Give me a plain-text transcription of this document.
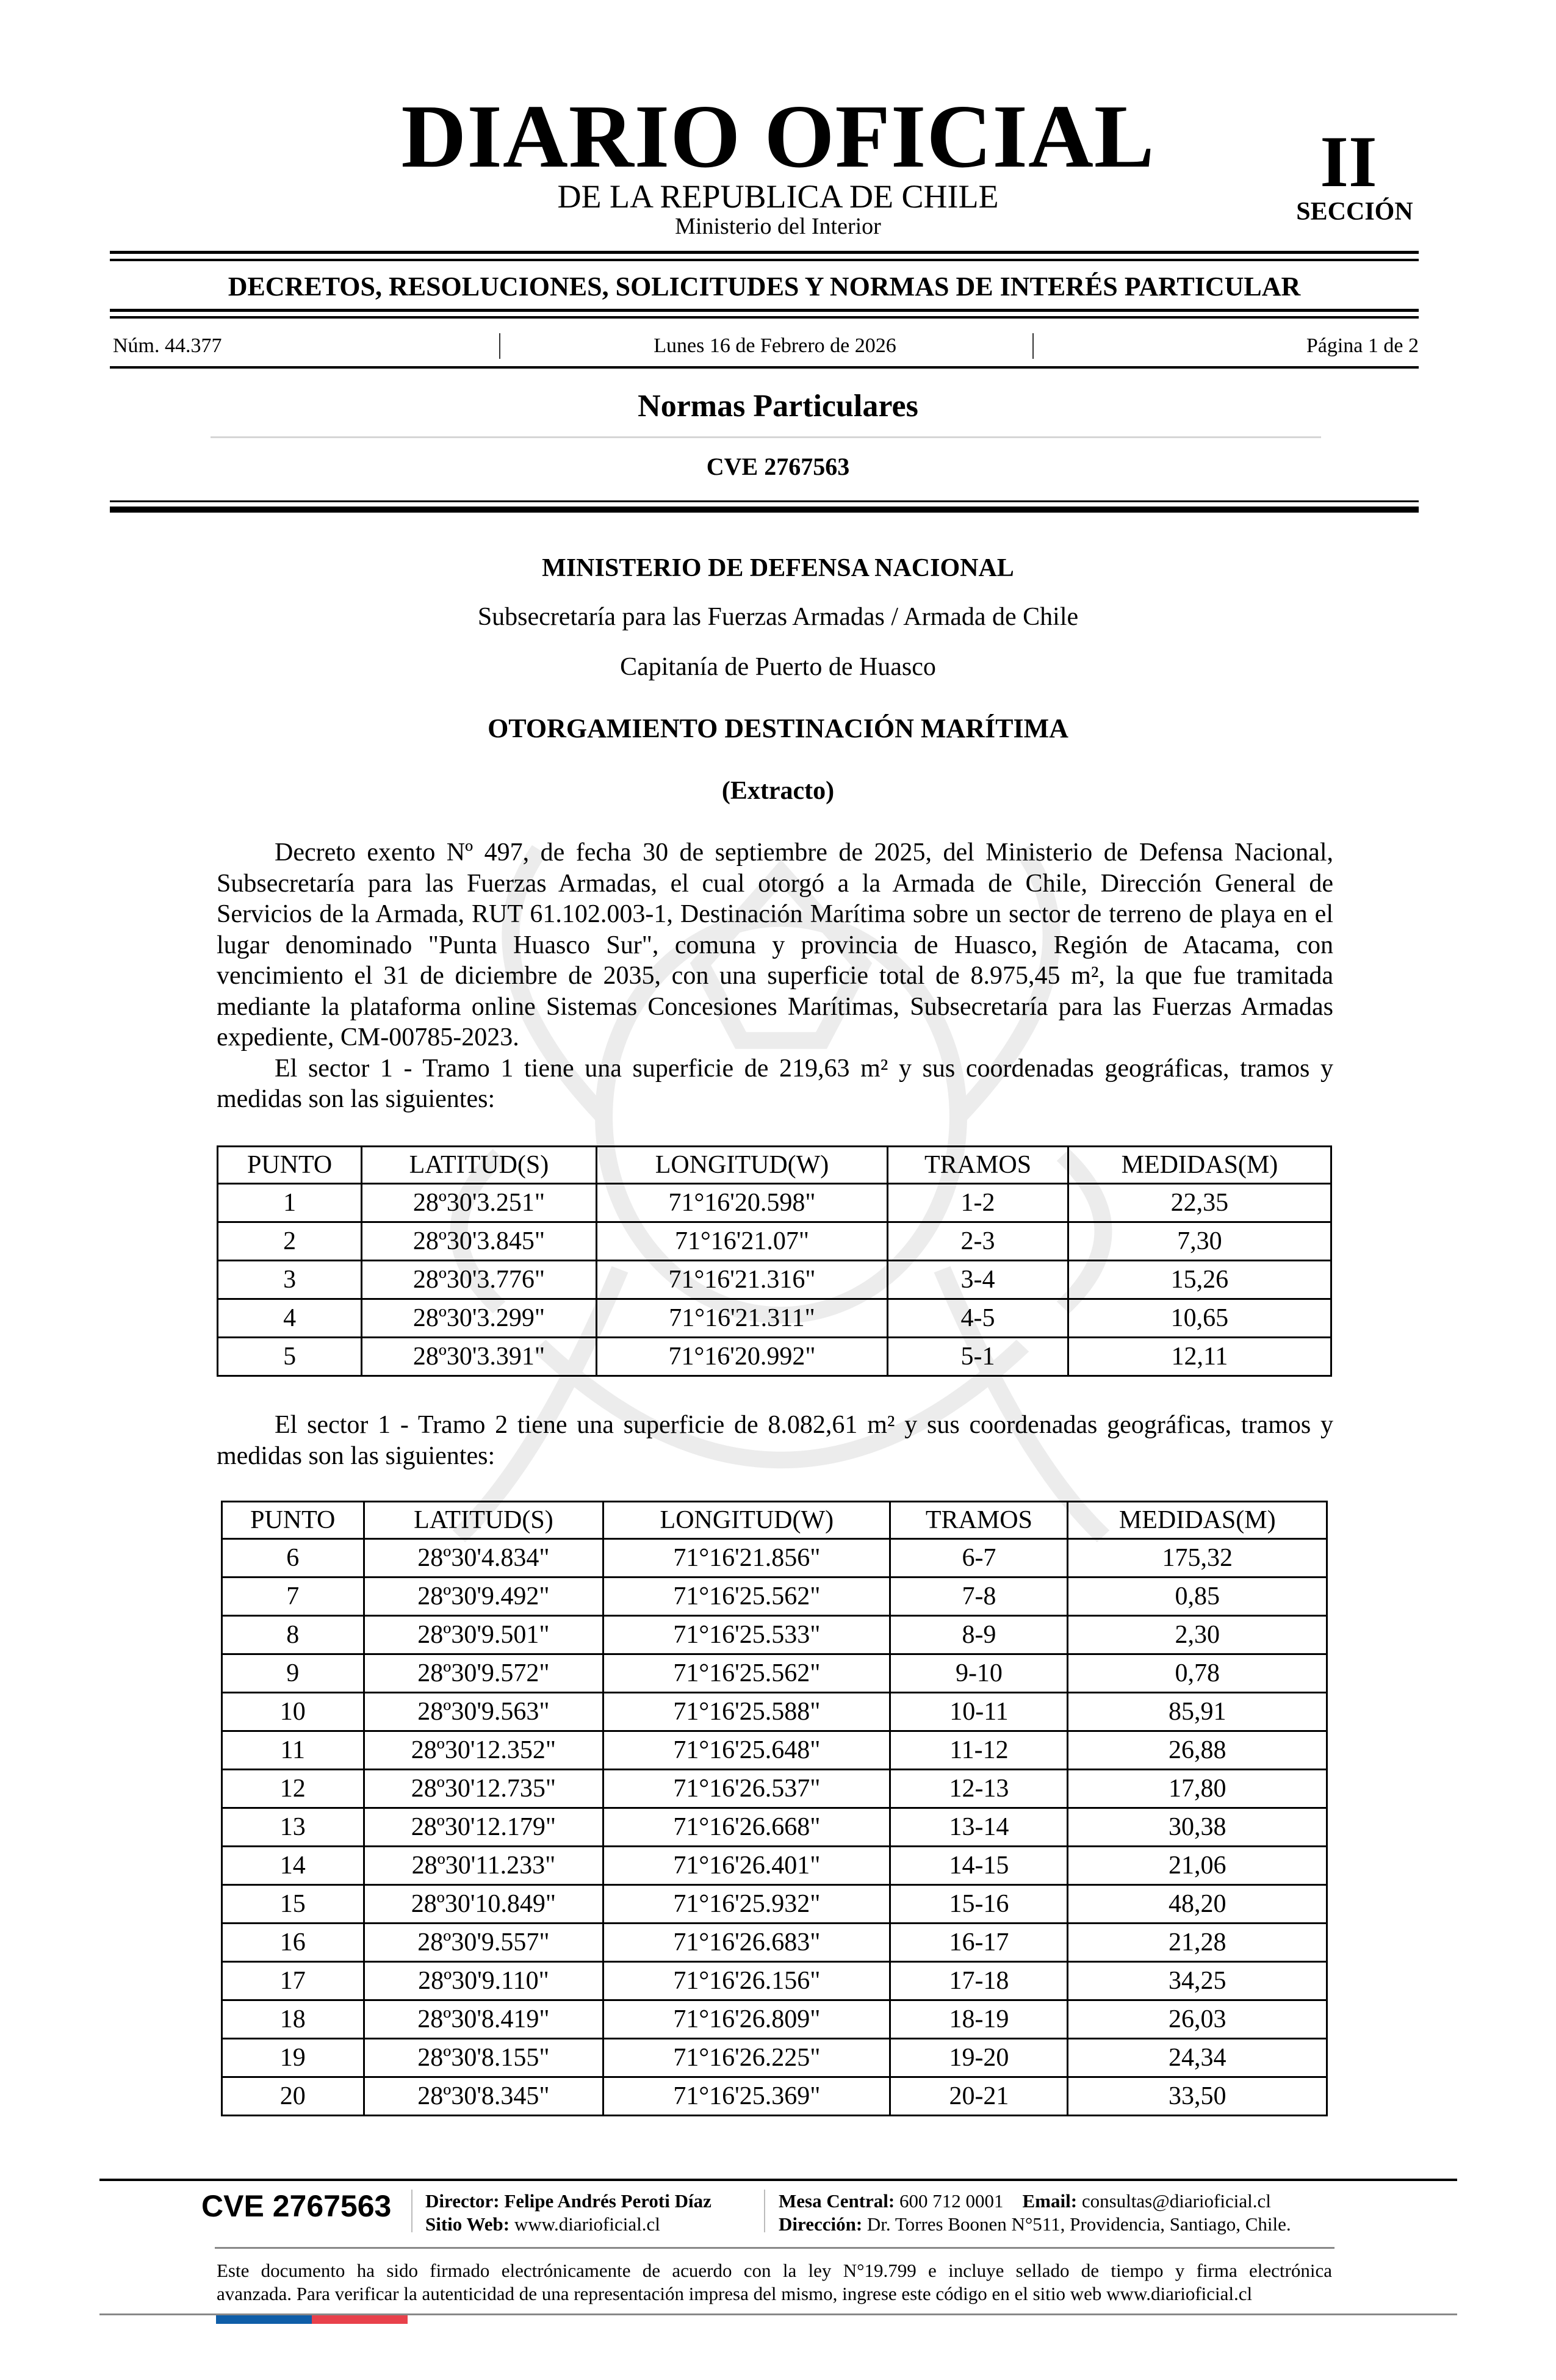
DIARIO OFICIAL
DE LA REPUBLICA DE CHILE
Ministerio del Interior
II
SECCIÓN
DECRETOS, RESOLUCIONES, SOLICITUDES Y NORMAS DE INTERÉS PARTICULAR
Núm. 44.377	Lunes 16 de Febrero de 2026	Página 1 de 2
Normas Particulares
CVE 2767563
MINISTERIO DE DEFENSA NACIONAL
Subsecretaría para las Fuerzas Armadas / Armada de Chile
Capitanía de Puerto de Huasco
OTORGAMIENTO DESTINACIÓN MARÍTIMA
(Extracto)

Decreto exento Nº 497, de fecha 30 de septiembre de 2025, del Ministerio de Defensa Nacional, Subsecretaría para las Fuerzas Armadas, el cual otorgó a la Armada de Chile, Dirección General de Servicios de la Armada, RUT 61.102.003-1, Destinación Marítima sobre un sector de terreno de playa en el lugar denominado "Punta Huasco Sur", comuna y provincia de Huasco, Región de Atacama, con vencimiento el 31 de diciembre de 2035, con una superficie total de 8.975,45 m², la que fue tramitada mediante la plataforma online Sistemas Concesiones Marítimas, Subsecretaría para las Fuerzas Armadas expediente, CM-00785-2023.

El sector 1 - Tramo 1 tiene una superficie de 219,63 m² y sus coordenadas geográficas, tramos y medidas son las siguientes:

PUNTO	LATITUD(S)	LONGITUD(W)	TRAMOS	MEDIDAS(M)
1	28º30'3.251"	71°16'20.598"	1-2	22,35
2	28º30'3.845"	71°16'21.07"	2-3	7,30
3	28º30'3.776"	71°16'21.316"	3-4	15,26
4	28º30'3.299"	71°16'21.311"	4-5	10,65
5	28º30'3.391"	71°16'20.992"	5-1	12,11

El sector 1 - Tramo 2 tiene una superficie de 8.082,61 m² y sus coordenadas geográficas, tramos y medidas son las siguientes:

PUNTO	LATITUD(S)	LONGITUD(W)	TRAMOS	MEDIDAS(M)
6	28º30'4.834"	71°16'21.856"	6-7	175,32
7	28º30'9.492"	71°16'25.562"	7-8	0,85
8	28º30'9.501"	71°16'25.533"	8-9	2,30
9	28º30'9.572"	71°16'25.562"	9-10	0,78
10	28º30'9.563"	71°16'25.588"	10-11	85,91
11	28º30'12.352"	71°16'25.648"	11-12	26,88
12	28º30'12.735"	71°16'26.537"	12-13	17,80
13	28º30'12.179"	71°16'26.668"	13-14	30,38
14	28º30'11.233"	71°16'26.401"	14-15	21,06
15	28º30'10.849"	71°16'25.932"	15-16	48,20
16	28º30'9.557"	71°16'26.683"	16-17	21,28
17	28º30'9.110"	71°16'26.156"	17-18	34,25
18	28º30'8.419"	71°16'26.809"	18-19	26,03
19	28º30'8.155"	71°16'26.225"	19-20	24,34
20	28º30'8.345"	71°16'25.369"	20-21	33,50
CVE 2767563 Director: Felipe Andrés Peroti Díaz
Sitio Web: www.diarioficial.cl
Mesa Central: 600 712 0001 Email: consultas@diarioficial.cl
Dirección: Dr. Torres Boonen N°511, Providencia, Santiago, Chile.
Este documento ha sido firmado electrónicamente de acuerdo con la ley N°19.799 e incluye sellado de tiempo y firma electrónica
avanzada. Para verificar la autenticidad de una representación impresa del mismo, ingrese este código en el sitio web www.diarioficial.cl
